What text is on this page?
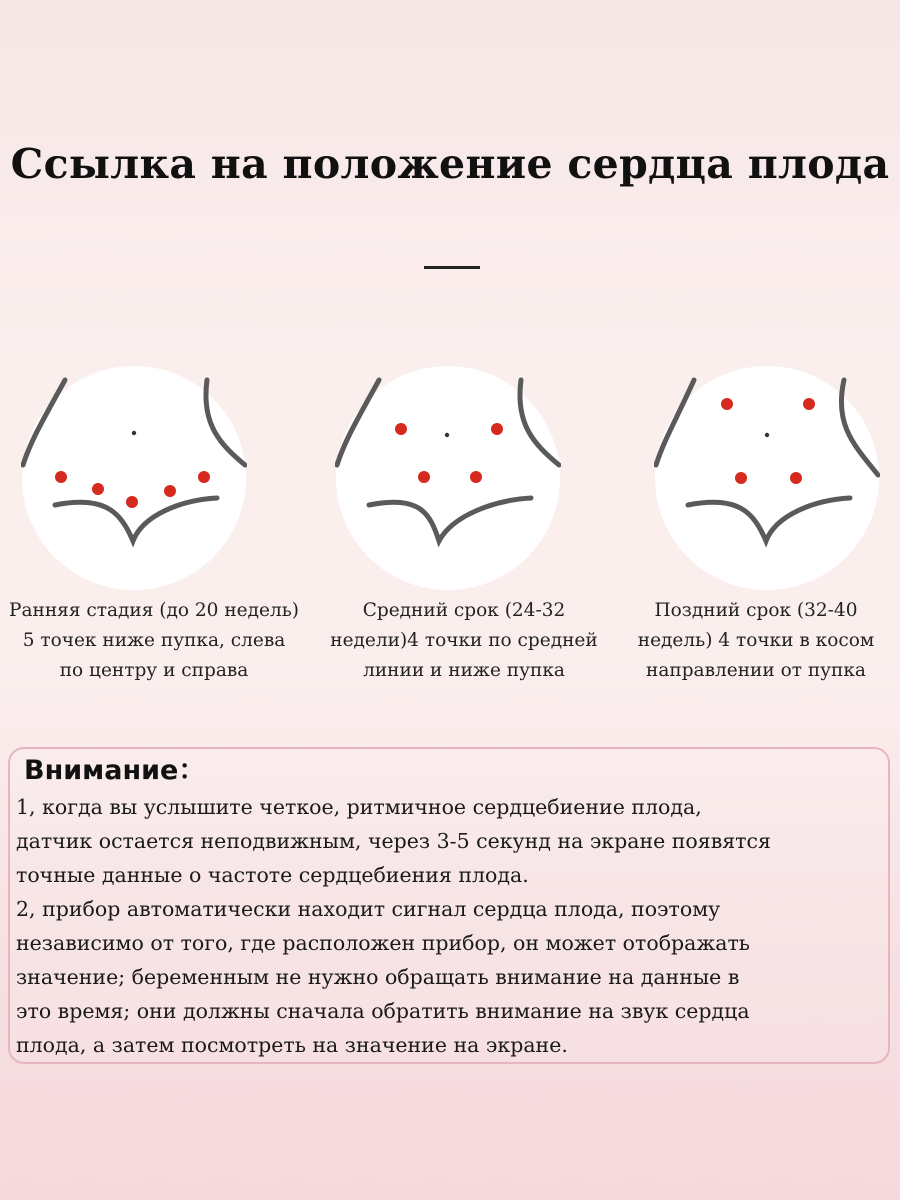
Ссылка на положение сердца плода
Ранняя стадия (до 20 недель)
5 точек ниже пупка, слева
по центру и справа
Средний срок (24-32
недели)4 точки по средней
линии и ниже пупка
Поздний срок (32-40
недель) 4 точки в косом
направлении от пупка
Внимание：
1, когда вы услышите четкое, ритмичное сердцебиение плода,
датчик остается неподвижным, через 3-5 секунд на экране появятся
точные данные о частоте сердцебиения плода.
2, прибор автоматически находит сигнал сердца плода, поэтому
независимо от того, где расположен прибор, он может отображать
значение; беременным не нужно обращать внимание на данные в
это время; они должны сначала обратить внимание на звук сердца
плода, а затем посмотреть на значение на экране.
